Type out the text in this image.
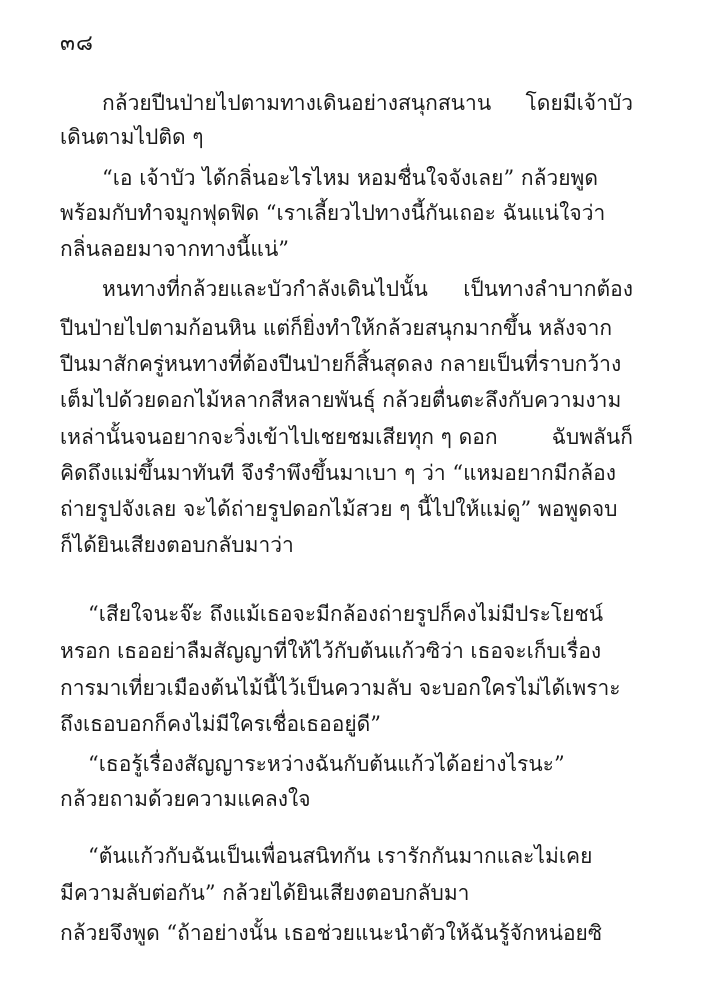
๓๘
กล้วยปีนป่ายไปตามทางเดินอย่างสนุกสนาน โดยมีเจ้าบัว
เดินตามไปติด ๆ
“เอ เจ้าบัว ได้กลิ่นอะไรไหม หอมชื่นใจจังเลย” กล้วยพูด
พร้อมกับทำจมูกฟุดฟิด “เราเลี้ยวไปทางนี้กันเถอะ ฉันแน่ใจว่า
กลิ่นลอยมาจากทางนี้แน่”
หนทางที่กล้วยและบัวกำลังเดินไปนั้น เป็นทางลำบากต้อง
ปีนป่ายไปตามก้อนหิน แต่ก็ยิ่งทำให้กล้วยสนุกมากขึ้น หลังจาก
ปีนมาสักครู่หนทางที่ต้องปีนป่ายก็สิ้นสุดลง กลายเป็นที่ราบกว้าง
เต็มไปด้วยดอกไม้หลากสีหลายพันธุ์ กล้วยตื่นตะลึงกับความงาม
เหล่านั้นจนอยากจะวิ่งเข้าไปเชยชมเสียทุก ๆ ดอก	ฉับพลันก็
คิดถึงแม่ขึ้นมาทันที จึงรำพึงขึ้นมาเบา ๆ ว่า “แหมอยากมีกล้อง
ถ่ายรูปจังเลย จะได้ถ่ายรูปดอกไม้สวย ๆ นี้ไปให้แม่ดู” พอพูดจบ
ก็ได้ยินเสียงตอบกลับมาว่า
“เสียใจนะจ๊ะ ถึงแม้เธอจะมีกล้องถ่ายรูปก็คงไม่มีประโยชน์
หรอก เธออย่าลืมสัญญาที่ให้ไว้กับต้นแก้วซิว่า เธอจะเก็บเรื่อง
การมาเที่ยวเมืองต้นไม้นี้ไว้เป็นความลับ จะบอกใครไม่ได้เพราะ
ถึงเธอบอกก็คงไม่มีใครเชื่อเธออยู่ดี”
“เธอรู้เรื่องสัญญาระหว่างฉันกับต้นแก้วได้อย่างไรนะ”
กล้วยถามด้วยความแคลงใจ
“ต้นแก้วกับฉันเป็นเพื่อนสนิทกัน เรารักกันมากและไม่เคย
มีความลับต่อกัน” กล้วยได้ยินเสียงตอบกลับมา
กล้วยจึงพูด “ถ้าอย่างนั้น เธอช่วยแนะนำตัวให้ฉันรู้จักหน่อยซิ
